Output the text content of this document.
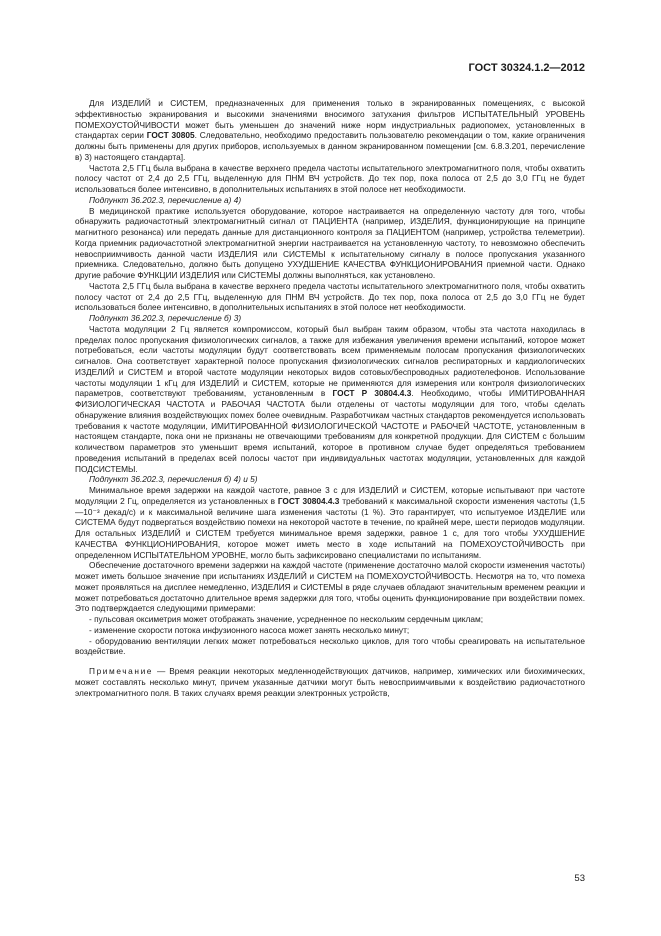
ГОСТ 30324.1.2—2012

Для ИЗДЕЛИЙ и СИСТЕМ, предназначенных для применения только в экранированных помещениях, с высокой эффективностью экранирования и высокими значениями вносимого затухания фильтров ИСПЫТАТЕЛЬНЫЙ УРОВЕНЬ ПОМЕХОУСТОЙЧИВОСТИ может быть уменьшен до значений ниже норм индустриальных радиопомех, установленных в стандартах серии ГОСТ 30805. Следовательно, необходимо предоставить пользователю рекомендации о том, какие ограничения должны быть применены для других приборов, используемых в данном экранированном помещении [см. 6.8.3.201, перечисление в) 3) настоящего стандарта].

Частота 2,5 ГГц была выбрана в качестве верхнего предела частоты испытательного электромагнитного поля, чтобы охватить полосу частот от 2,4 до 2,5 ГГц, выделенную для ПНМ ВЧ устройств. До тех пор, пока полоса от 2,5 до 3,0 ГГц не будет использоваться более интенсивно, в дополнительных испытаниях в этой полосе нет необходимости.

Подпункт 36.202.3, перечисление а) 4)

В медицинской практике используется оборудование, которое настраивается на определенную частоту для того, чтобы обнаружить радиочастотный электромагнитный сигнал от ПАЦИЕНТА (например, ИЗДЕЛИЯ, функционирующие на принципе магнитного резонанса) или передать данные для дистанционного контроля за ПАЦИЕНТОМ (например, устройства телеметрии). Когда приемник радиочастотной электромагнитной энергии настраивается на установленную частоту, то невозможно обеспечить невосприимчивость данной части ИЗДЕЛИЯ или СИСТЕМЫ к испытательному сигналу в полосе пропускания указанного приемника. Следовательно, должно быть допущено УХУДШЕНИЕ КАЧЕСТВА ФУНКЦИОНИРОВАНИЯ приемной части. Однако другие рабочие ФУНКЦИИ ИЗДЕЛИЯ или СИСТЕМЫ должны выполняться, как установлено.

Частота 2,5 ГГц была выбрана в качестве верхнего предела частоты испытательного электромагнитного поля, чтобы охватить полосу частот от 2,4 до 2,5 ГГц, выделенную для ПНМ ВЧ устройств. До тех пор, пока полоса от 2,5 до 3,0 ГГц не будет использоваться более интенсивно, в дополнительных испытаниях в этой полосе нет необходимости.

Подпункт 36.202.3, перечисление б) 3)

Частота модуляции 2 Гц является компромиссом, который был выбран таким образом, чтобы эта частота находилась в пределах полос пропускания физиологических сигналов, а также для избежания увеличения времени испытаний, которое может потребоваться, если частоты модуляции будут соответствовать всем применяемым полосам пропускания физиологических сигналов. Она соответствует характерной полосе пропускания физиологических сигналов респираторных и кардиологических ИЗДЕЛИЙ и СИСТЕМ и второй частоте модуляции некоторых видов сотовых/беспроводных радиотелефонов. Использование частоты модуляции 1 кГц для ИЗДЕЛИЙ и СИСТЕМ, которые не применяются для измерения или контроля физиологических параметров, соответствуют требованиям, установленным в ГОСТ Р 30804.4.3. Необходимо, чтобы ИМИТИРОВАННАЯ ФИЗИОЛОГИЧЕСКАЯ ЧАСТОТА и РАБОЧАЯ ЧАСТОТА были отделены от частоты модуляции для того, чтобы сделать обнаружение влияния воздействующих помех более очевидным. Разработчикам частных стандартов рекомендуется использовать требования к частоте модуляции, ИМИТИРОВАННОЙ ФИЗИОЛОГИЧЕСКОЙ ЧАСТОТЕ и РАБОЧЕЙ ЧАСТОТЕ, установленным в настоящем стандарте, пока они не признаны не отвечающими требованиям для конкретной продукции. Для СИСТЕМ с большим количеством параметров это уменьшит время испытаний, которое в противном случае будет определяться требованием проведения испытаний в пределах всей полосы частот при индивидуальных частотах модуляции, установленных для каждой ПОДСИСТЕМЫ.

Подпункт 36.202.3, перечисления б) 4) и 5)

Минимальное время задержки на каждой частоте, равное 3 с для ИЗДЕЛИЙ и СИСТЕМ, которые испытывают при частоте модуляции 2 Гц, определяется из установленных в ГОСТ 30804.4.3 требований к максимальной скорости изменения частоты (1,5—10⁻³ декад/с) и к максимальной величине шага изменения частоты (1 %). Это гарантирует, что испытуемое ИЗДЕЛИЕ или СИСТЕМА будут подвергаться воздействию помехи на некоторой частоте в течение, по крайней мере, шести периодов модуляции. Для остальных ИЗДЕЛИЙ и СИСТЕМ требуется минимальное время задержки, равное 1 с, для того чтобы УХУДШЕНИЕ КАЧЕСТВА ФУНКЦИОНИРОВАНИЯ, которое может иметь место в ходе испытаний на ПОМЕХОУСТОЙЧИВОСТЬ при определенном ИСПЫТАТЕЛЬНОМ УРОВНЕ, могло быть зафиксировано специалистами по испытаниям.

Обеспечение достаточного времени задержки на каждой частоте (применение достаточно малой скорости изменения частоты) может иметь большое значение при испытаниях ИЗДЕЛИЙ и СИСТЕМ на ПОМЕХОУСТОЙЧИВОСТЬ. Несмотря на то, что помеха может проявляться на дисплее немедленно, ИЗДЕЛИЯ и СИСТЕМЫ в ряде случаев обладают значительным временем реакции и может потребоваться достаточно длительное время задержки для того, чтобы оценить функционирование при воздействии помех. Это подтверждается следующими примерами:

- пульсовая оксиметрия может отображать значение, усредненное по нескольким сердечным циклам;

- изменение скорости потока инфузионного насоса может занять несколько минут;

- оборудованию вентиляции легких может потребоваться несколько циклов, для того чтобы среагировать на испытательное воздействие.

Примечание — Время реакции некоторых медленнодействующих датчиков, например, химических или биохимических, может составлять несколько минут, причем указанные датчики могут быть невосприимчивыми к воздействию радиочастотного электромагнитного поля. В таких случаях время реакции электронных устройств,

53
